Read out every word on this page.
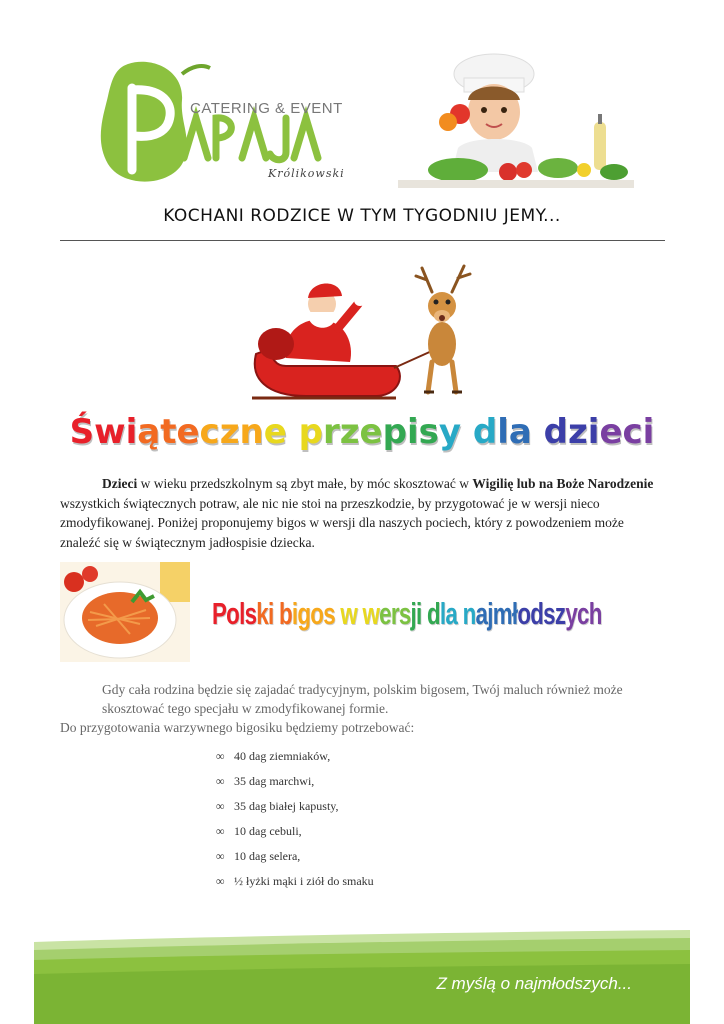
CATERING & EVENT
Królikowski
KOCHANI RODZICE W TYM TYGODNIU JEMY...
Świąteczne przepisy dla dzieci
Dzieci w wieku przedszkolnym są zbyt małe, by móc skosztować w Wigilię lub na Boże Narodzenie wszystkich świątecznych potraw, ale nic nie stoi na przeszkodzie, by przygotować je w wersji nieco zmodyfikowanej. Poniżej proponujemy bigos w wersji dla naszych pociech, który z powodzeniem może znaleźć się w świątecznym jadłospisie dziecka.
Polski bigos w wersji dla najmłodszych
Gdy cała rodzina będzie się zajadać tradycyjnym, polskim bigosem, Twój maluch również może skosztować tego specjału w zmodyfikowanej formie.
Do przygotowania warzywnego bigosiku będziemy potrzebować:
∞ 40 dag ziemniaków,
∞ 35 dag marchwi,
∞ 35 dag białej kapusty,
∞ 10 dag cebuli,
∞ 10 dag selera,
∞ ½ łyżki mąki i ziół do smaku
Z myślą o najmłodszych...
